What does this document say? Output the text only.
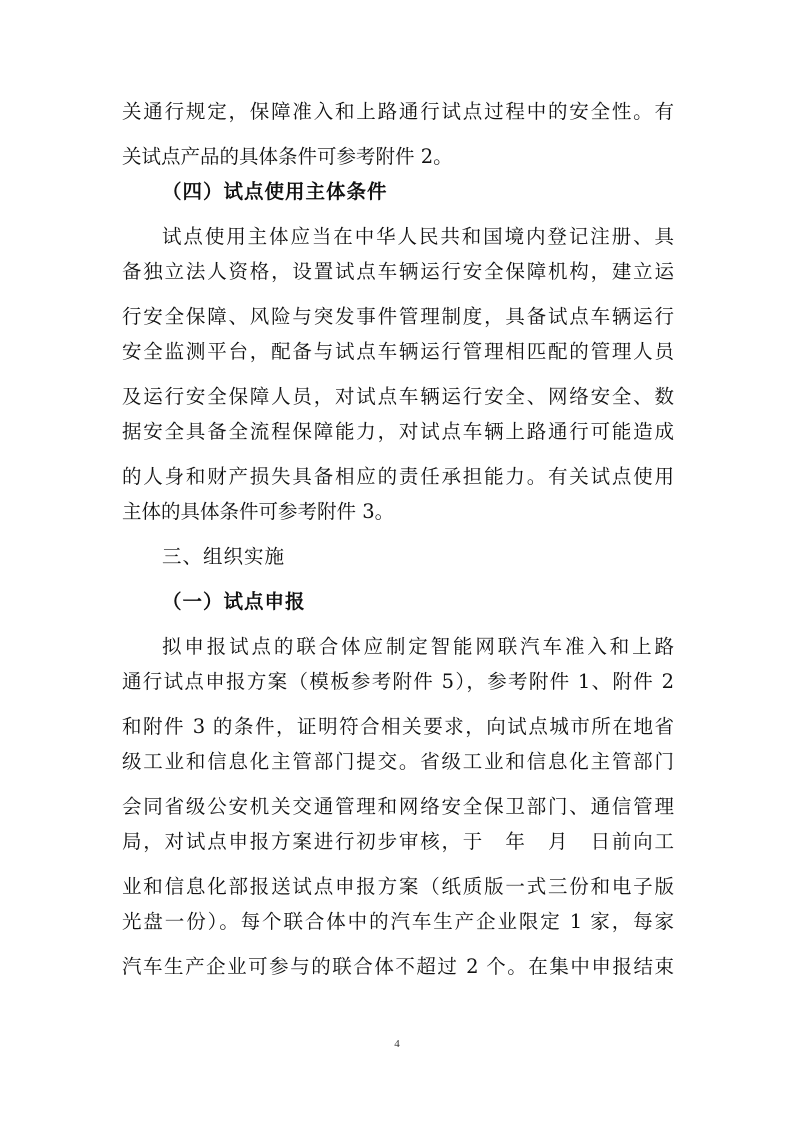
关通行规定，保障准入和上路通行试点过程中的安全性。有
关试点产品的具体条件可参考附件 2。
（四）试点使用主体条件
试点使用主体应当在中华人民共和国境内登记注册、具
备独立法人资格，设置试点车辆运行安全保障机构，建立运
行安全保障、风险与突发事件管理制度，具备试点车辆运行
安全监测平台，配备与试点车辆运行管理相匹配的管理人员
及运行安全保障人员，对试点车辆运行安全、网络安全、数
据安全具备全流程保障能力，对试点车辆上路通行可能造成
的人身和财产损失具备相应的责任承担能力。有关试点使用
主体的具体条件可参考附件 3。
三、组织实施
（一）试点申报
拟申报试点的联合体应制定智能网联汽车准入和上路
通行试点申报方案（模板参考附件 5），参考附件 1、附件 2
和附件 3 的条件，证明符合相关要求，向试点城市所在地省
级工业和信息化主管部门提交。省级工业和信息化主管部门
会同省级公安机关交通管理和网络安全保卫部门、通信管理
局，对试点申报方案进行初步审核，于　年　月　日前向工
业和信息化部报送试点申报方案（纸质版一式三份和电子版
光盘一份）。每个联合体中的汽车生产企业限定 1 家，每家
汽车生产企业可参与的联合体不超过 2 个。在集中申报结束
4
